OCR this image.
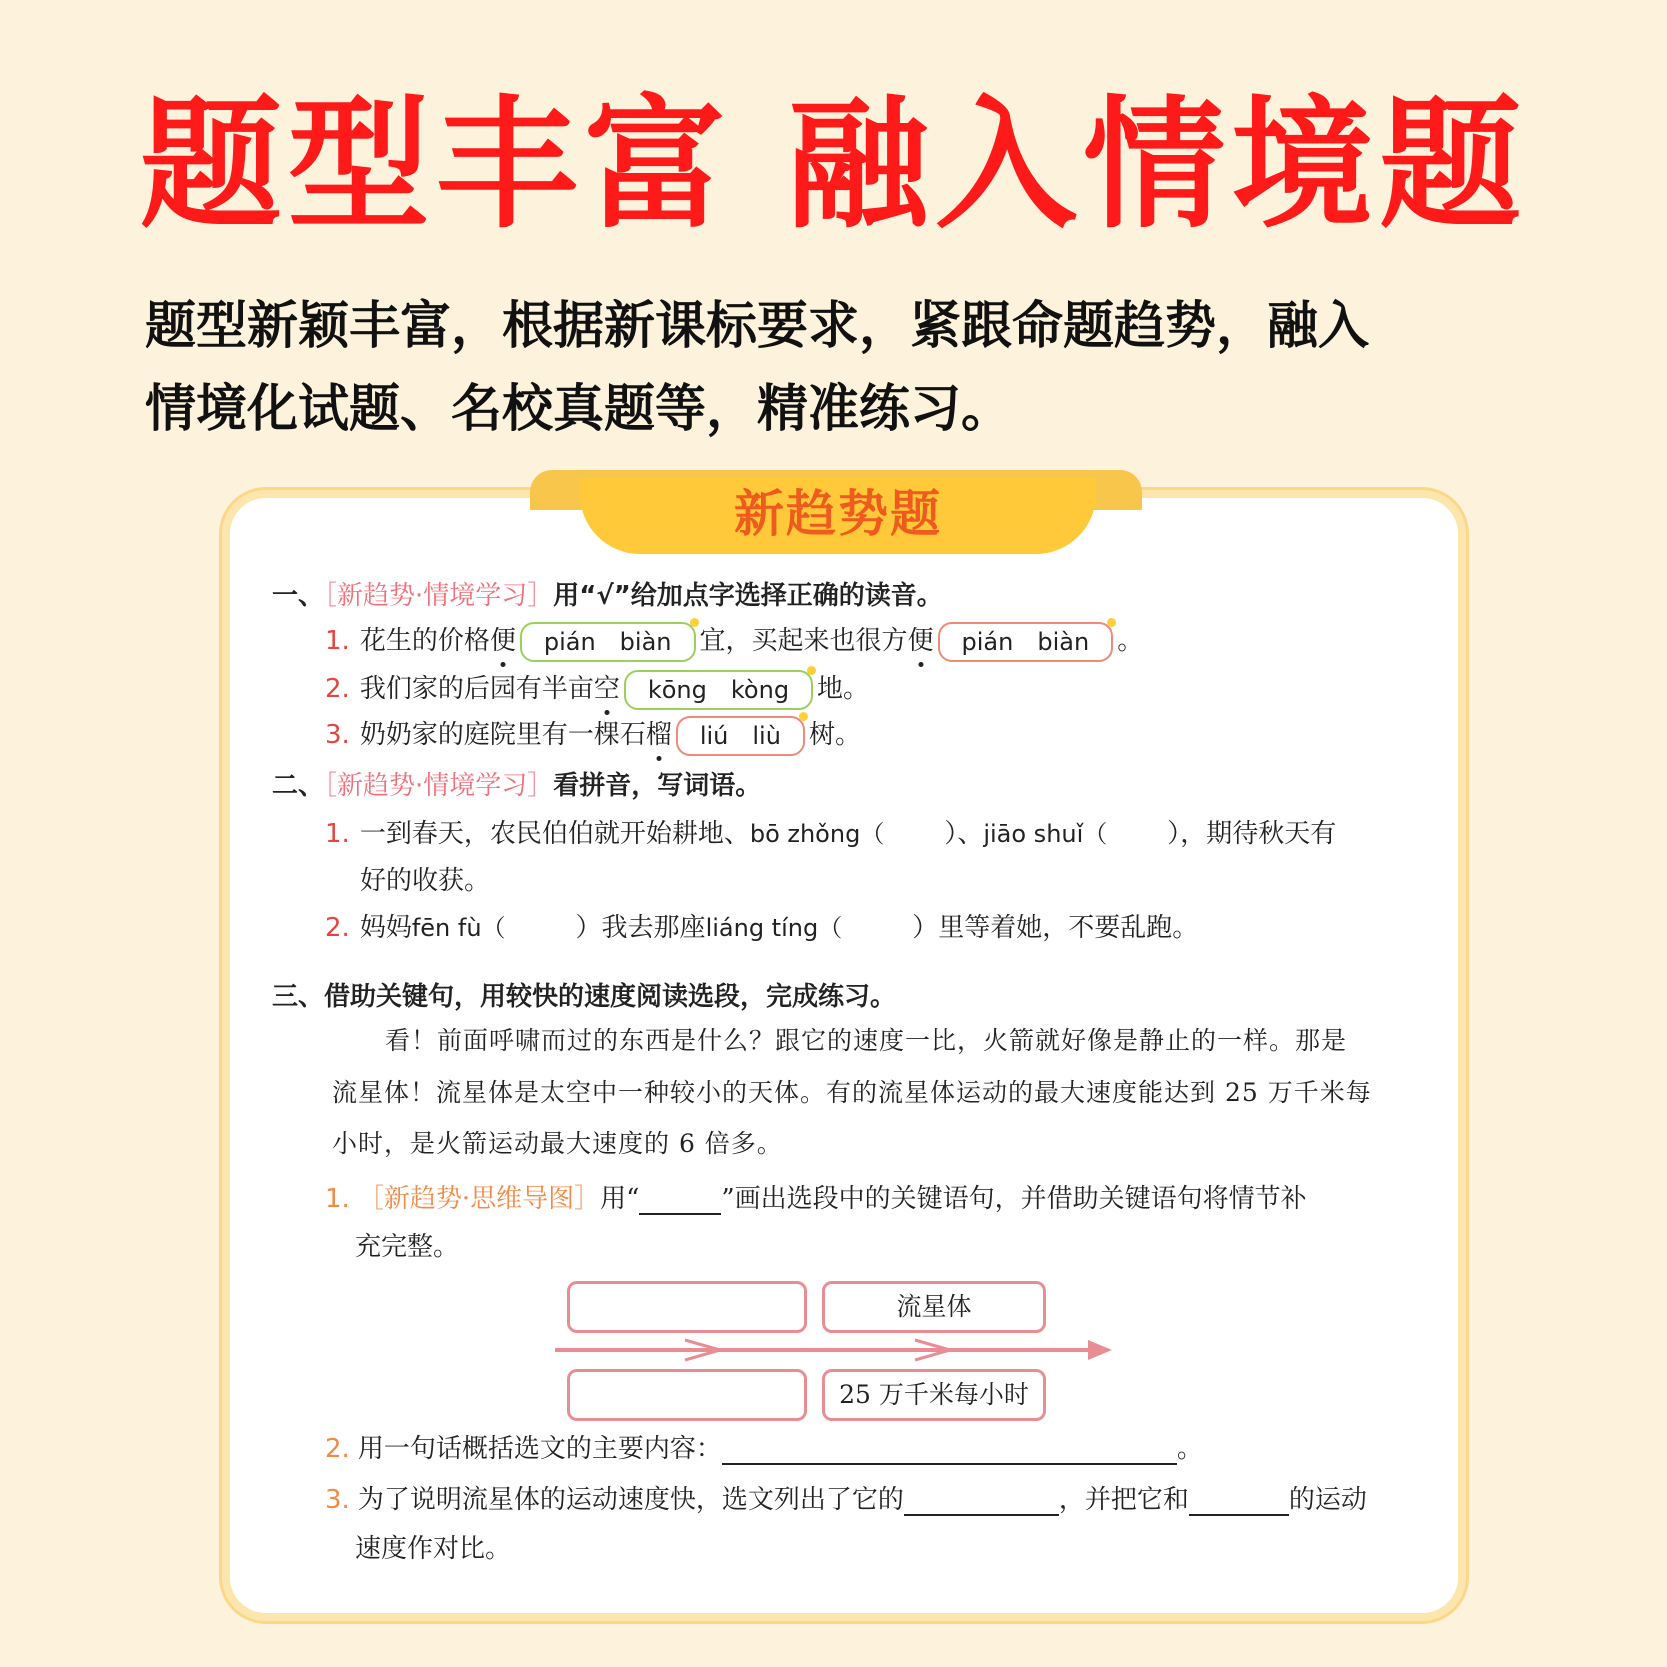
题型丰富 融入情境题
题型新颖丰富，根据新课标要求，紧跟命题趋势，融入
情境化试题、名校真题等，精准练习。
新趋势题
一、［新趋势·情境学习］用“√”给加点字选择正确的读音。
1. 花生的价格便 pián biàn 宜，买起来也很方便 pián biàn 。
2. 我们家的后园有半亩空 kōng kòng 地。
3. 奶奶家的庭院里有一棵石榴 liú liù 树。
二、［新趋势·情境学习］看拼音，写词语。
1. 一到春天，农民伯伯就开始耕地、bō zhǒng（ ）、jiāo shuǐ（ ），期待秋天有
好的收获。
2. 妈妈fēn fù（	）我去那座liáng tíng（	）里等着她，不要乱跑。
三、借助关键句，用较快的速度阅读选段，完成练习。
看！前面呼啸而过的东西是什么？跟它的速度一比，火箭就好像是静止的一样。那是
流星体！流星体是太空中一种较小的天体。有的流星体运动的最大速度能达到 25 万千米每
小时，是火箭运动最大速度的 6 倍多。
1. ［新趋势·思维导图］用“	”画出选段中的关键语句，并借助关键语句将情节补
充完整。
流星体
25 万千米每小时
2. 用一句话概括选文的主要内容：	。
3. 为了说明流星体的运动速度快，选文列出了它的	，并把它和	的运动
速度作对比。
